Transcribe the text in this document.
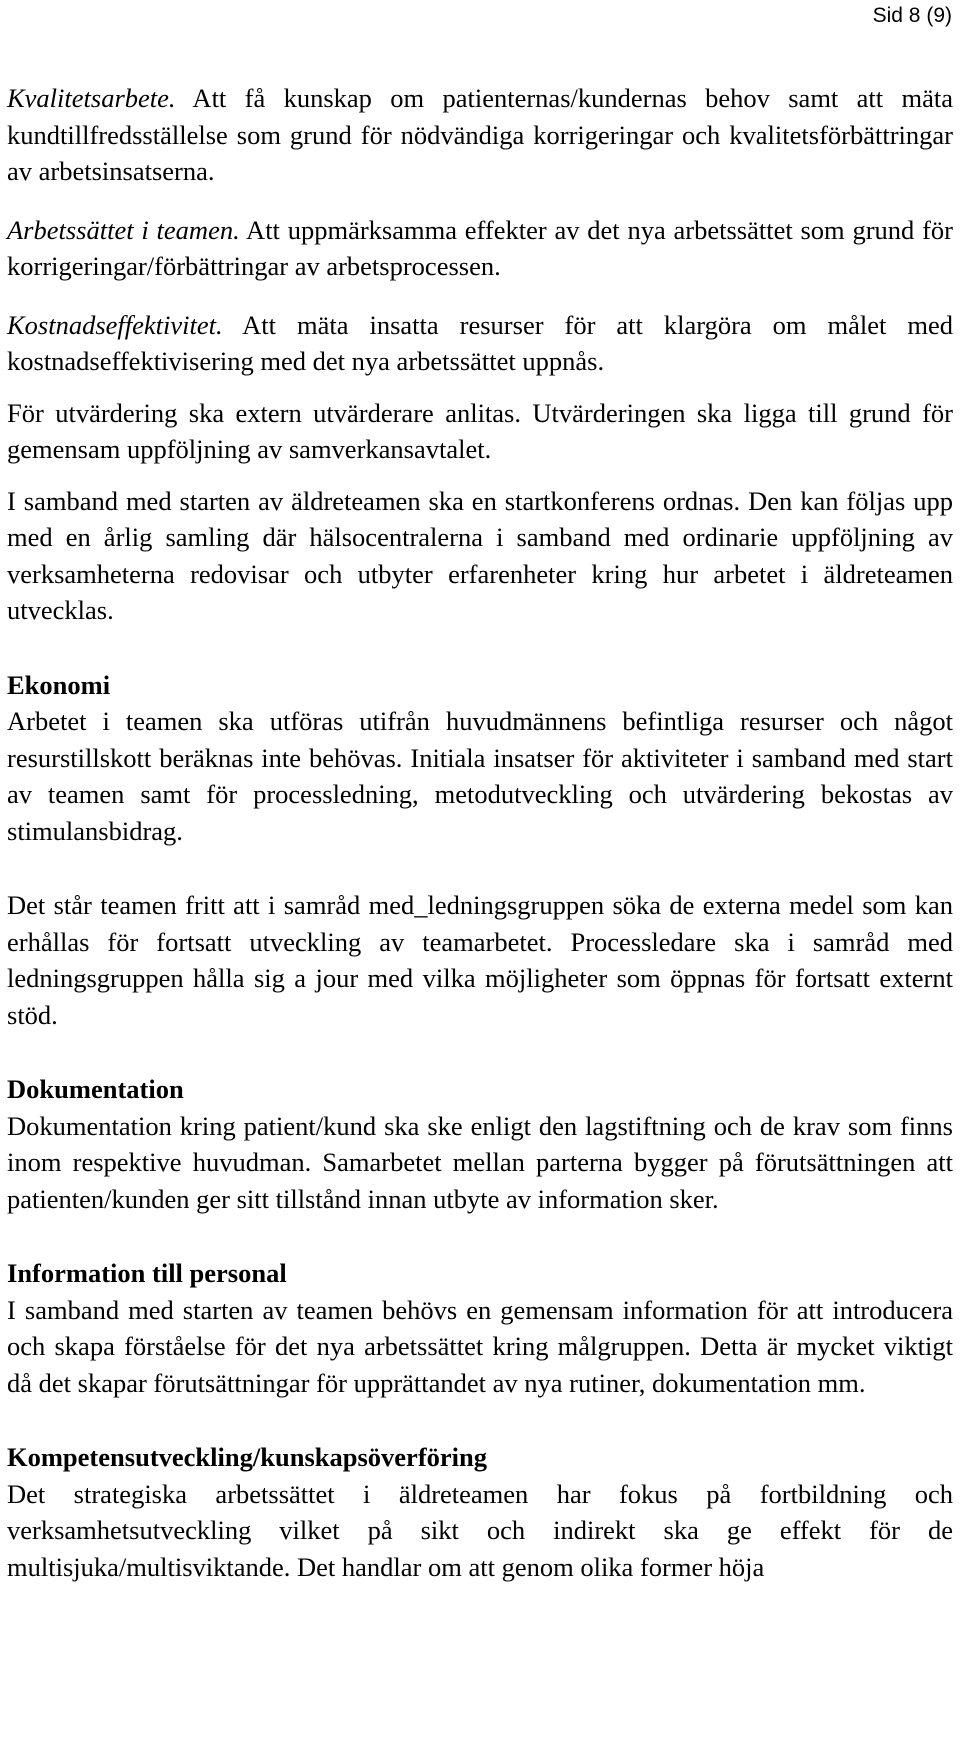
Sid 8 (9)

Kvalitetsarbete. Att få kunskap om patienternas/kundernas behov samt att mäta kundtillfredsställelse som grund för nödvändiga korrigeringar och kvalitetsförbättringar av arbetsinsatserna.

Arbetssättet i teamen. Att uppmärksamma effekter av det nya arbetssättet som grund för korrigeringar/förbättringar av arbetsprocessen.

Kostnadseffektivitet. Att mäta insatta resurser för att klargöra om målet med kostnadseffektivisering med det nya arbetssättet uppnås.

För utvärdering ska extern utvärderare anlitas. Utvärderingen ska ligga till grund för gemensam uppföljning av samverkansavtalet.

I samband med starten av äldreteamen ska en startkonferens ordnas. Den kan följas upp med en årlig samling där hälsocentralerna i samband med ordinarie uppföljning av verksamheterna redovisar och utbyter erfarenheter kring hur arbetet i äldreteamen utvecklas.

Ekonomi

Arbetet i teamen ska utföras utifrån huvudmännens befintliga resurser och något resurstillskott beräknas inte behövas. Initiala insatser för aktiviteter i samband med start av teamen samt för processledning, metodutveckling och utvärdering bekostas av stimulansbidrag.

Det står teamen fritt att i samråd med_ledningsgruppen söka de externa medel som kan erhållas för fortsatt utveckling av teamarbetet. Processledare ska i samråd med ledningsgruppen hålla sig a jour med vilka möjligheter som öppnas för fortsatt externt stöd.

Dokumentation

Dokumentation kring patient/kund ska ske enligt den lagstiftning och de krav som finns inom respektive huvudman. Samarbetet mellan parterna bygger på förutsättningen att patienten/kunden ger sitt tillstånd innan utbyte av information sker.

Information till personal

I samband med starten av teamen behövs en gemensam information för att introducera och skapa förståelse för det nya arbetssättet kring målgruppen. Detta är mycket viktigt då det skapar förutsättningar för upprättandet av nya rutiner, dokumentation mm.

Kompetensutveckling/kunskapsöverföring

Det strategiska arbetssättet i äldreteamen har fokus på fortbildning och verksamhetsutveckling vilket på sikt och indirekt ska ge effekt för de multisjuka/multisviktande. Det handlar om att genom olika former höja
